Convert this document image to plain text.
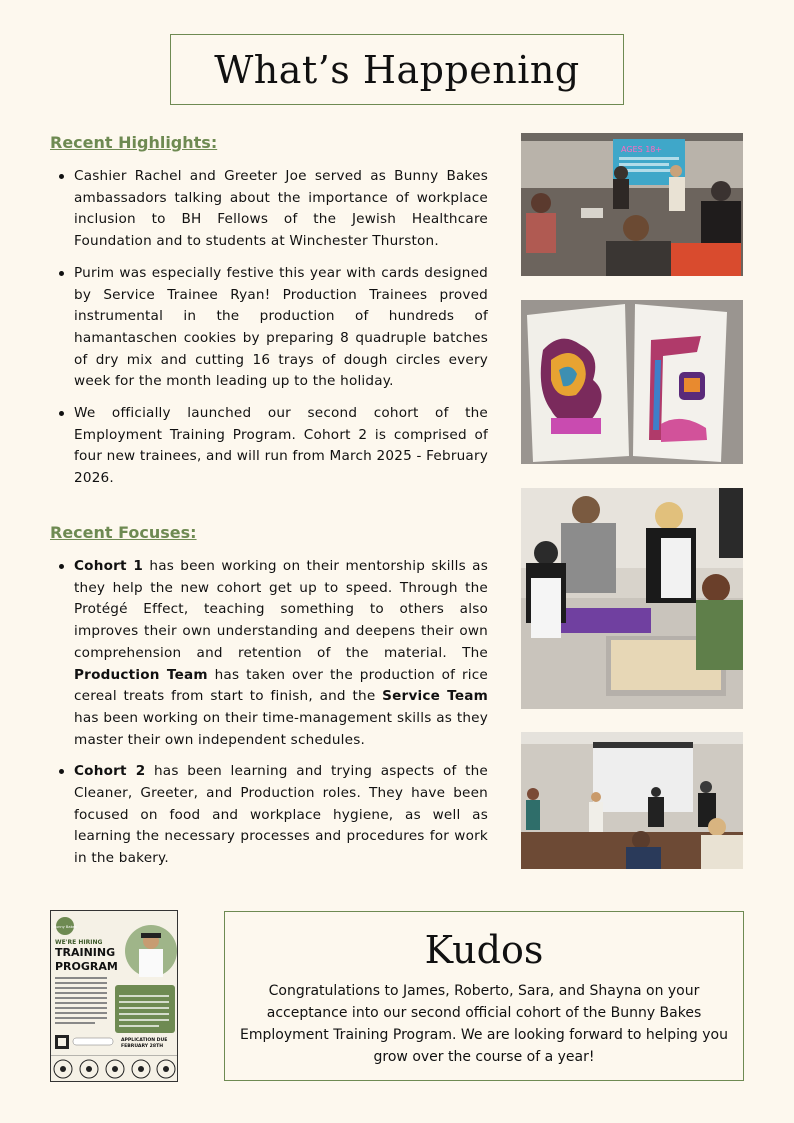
What’s Happening
Recent Highlights:
Cashier Rachel and Greeter Joe served as Bunny Bakes ambassadors talking about the importance of workplace inclusion to BH Fellows of the Jewish Healthcare Foundation and to students at Winchester Thurston.
Purim was especially festive this year with cards designed by Service Trainee Ryan! Production Trainees proved instrumental in the production of hundreds of hamantaschen cookies by preparing 8 quadruple batches of dry mix and cutting 16 trays of dough circles every week for the month leading up to the holiday.
We officially launched our second cohort of the Employment Training Program. Cohort 2 is comprised of four new trainees, and will run from March 2025 - February 2026.
Recent Focuses:
Cohort 1 has been working on their mentorship skills as they help the new cohort get up to speed. Through the Protégé Effect, teaching something to others also improves their own understanding and deepens their own comprehension and retention of the material. The Production Team has taken over the production of rice cereal treats from start to finish, and the Service Team has been working on their time-management skills as they master their own independent schedules.
Cohort 2 has been learning and trying aspects of the Cleaner, Greeter, and Production roles. They have been focused on food and workplace hygiene, as well as learning the necessary processes and procedures for work in the bakery.
AGES 18+
Bunny Bakes
WE'RE HIRING
TRAINING
PROGRAM
APPLICATION DUE
FEBRUARY 28TH
Kudos

Congratulations to James, Roberto, Sara, and Shayna on your acceptance into our second official cohort of the Bunny Bakes Employment Training Program. We are looking forward to helping you grow over the course of a year!
